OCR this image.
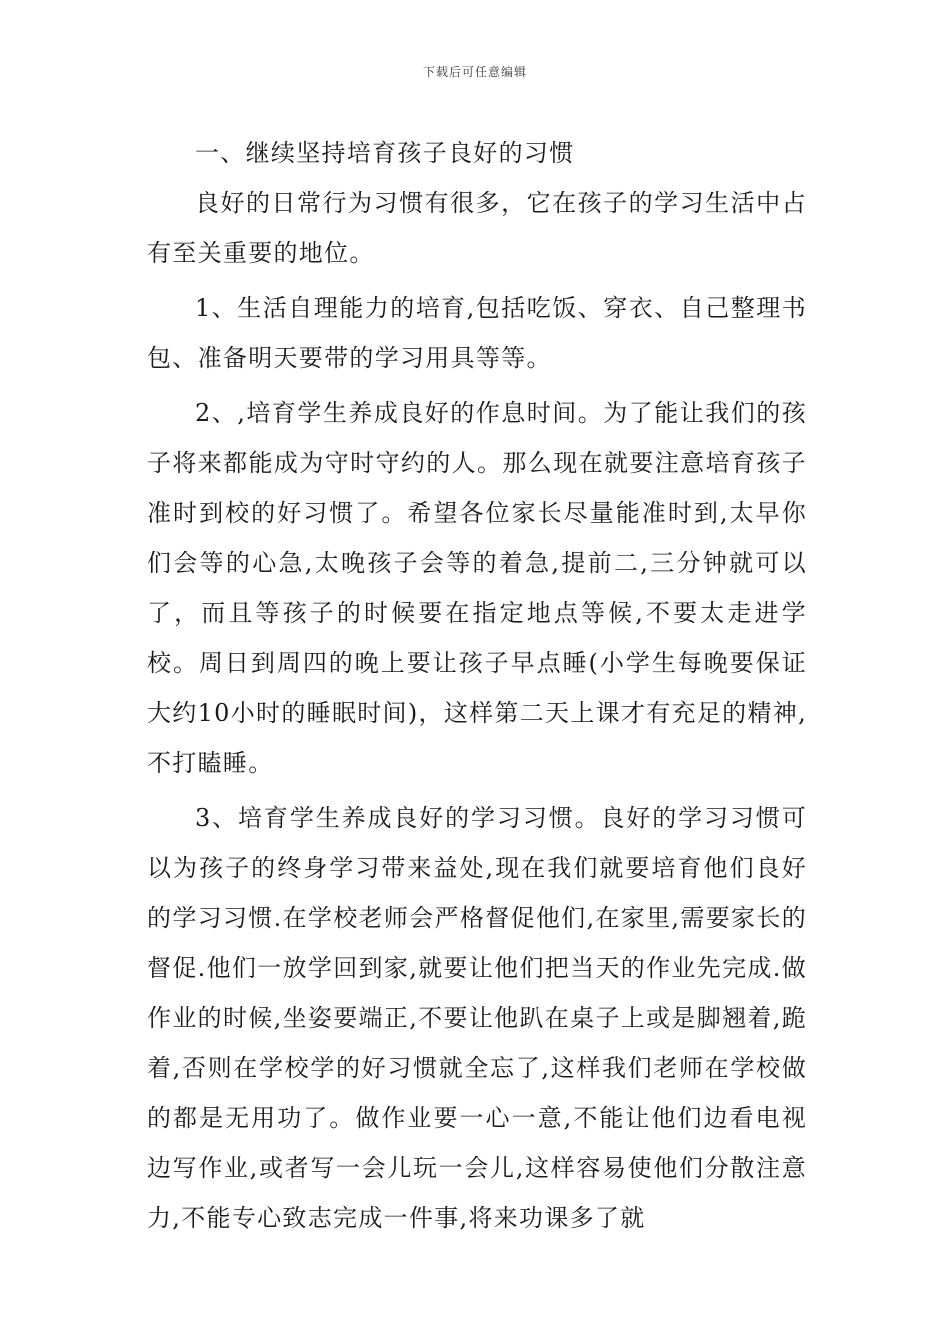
下载后可任意编辑

一、继续坚持培育孩子良好的习惯

良好的日常行为习惯有很多，它在孩子的学习生活中占有至关重要的地位。

1、生活自理能力的培育,包括吃饭、穿衣、自己整理书包、准备明天要带的学习用具等等。

2、,培育学生养成良好的作息时间。为了能让我们的孩子将来都能成为守时守约的人。那么现在就要注意培育孩子准时到校的好习惯了。希望各位家长尽量能准时到,太早你们会等的心急,太晚孩子会等的着急,提前二,三分钟就可以了，而且等孩子的时候要在指定地点等候,不要太走进学校。周日到周四的晚上要让孩子早点睡(小学生每晚要保证大约10小时的睡眠时间)，这样第二天上课才有充足的精神,不打瞌睡。

3、培育学生养成良好的学习习惯。良好的学习习惯可以为孩子的终身学习带来益处,现在我们就要培育他们良好的学习习惯.在学校老师会严格督促他们,在家里,需要家长的督促.他们一放学回到家,就要让他们把当天的作业先完成.做作业的时候,坐姿要端正,不要让他趴在桌子上或是脚翘着,跪着,否则在学校学的好习惯就全忘了,这样我们老师在学校做的都是无用功了。做作业要一心一意,不能让他们边看电视边写作业,或者写一会儿玩一会儿,这样容易使他们分散注意力,不能专心致志完成一件事,将来功课多了就
